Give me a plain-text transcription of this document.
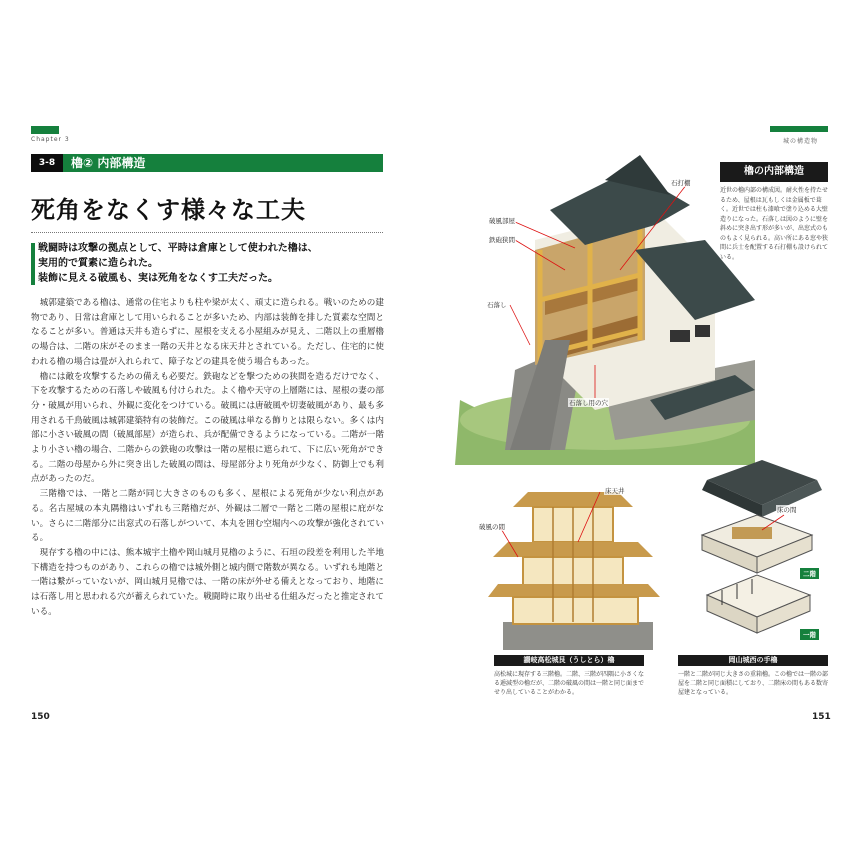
Chapter 3
3-8	櫓② 内部構造
死角をなくす様々な工夫
戦闘時は攻撃の拠点として、平時は倉庫として使われた櫓は、
実用的で質素に造られた。
装飾に見える破風も、実は死角をなくす工夫だった。

城郭建築である櫓は、通常の住宅よりも柱や梁が太く、頑丈に造られる。戦いのための建物であり、日常は倉庫として用いられることが多いため、内部は装飾を排した質素な空間となることが多い。普通は天井も造らずに、屋根を支える小屋組みが見え、二階以上の重層櫓の場合は、二階の床がそのまま一階の天井となる床天井とされている。ただし、住宅的に使われる櫓の場合は畳が入れられて、障子などの建具を使う場合もあった。

櫓には敵を攻撃するための備えも必要だ。鉄砲などを撃つための狭間を造るだけでなく、下を攻撃するための石落しや破風も付けられた。よく櫓や天守の上層階には、屋根の妻の部分・破風が用いられ、外観に変化をつけている。破風には唐破風や切妻破風があり、最も多用される千鳥破風は城郭建築特有の装飾だ。この破風は単なる飾りとは限らない。多くは内部に小さい破風の間（破風部屋）が造られ、兵が配備できるようになっている。二階が一階より小さい櫓の場合、二階からの鉄砲の攻撃は一階の屋根に遮られて、下に広い死角ができる。二階の母屋から外に突き出した破風の間は、母屋部分より死角が少なく、防御上でも利点があったのだ。

三階櫓では、一階と二階が同じ大きさのものも多く、屋根による死角が少ない利点がある。名古屋城の本丸隅櫓はいずれも三階櫓だが、外観は二層で一階と二階の屋根に庇がない。さらに二階部分に出窓式の石落しがついて、本丸を囲む空堀内への攻撃が強化されている。

現存する櫓の中には、熊本城宇土櫓や岡山城月見櫓のように、石垣の段差を利用した半地下構造を持つものがあり、これらの櫓では城外側と城内側で階数が異なる。いずれも地階と一階は繋がっていないが、岡山城月見櫓では、一階の床が外せる備えとなっており、地階には石落し用と思われる穴が蓄えられていた。戦闘時に取り出せる仕組みだったと推定されている。

150
城の構造物
石打棚
破風部屋
鉄砲狭間
石落し
石落し用の穴
櫓の内部構造
近世の櫓内部の構成図。耐火性を持たせるため、屋根は瓦もしくは金属板で葺く。近世では柱も漆喰で塗り込める大壁造りになった。石落しは図のように壁を斜めに突き出す形が多いが、出窓式のものもよく見られる。高い所にある窓や狭間に兵士を配置する石打棚も設けられている。
床天井
破風の間
床の間
二階
一階
讃岐高松城艮（うしとら）櫓
高松城に現存する三階櫓。二階、三階が四隅に小さくなる逓減型の櫓だが、二階の破風の間は一階と同じ面までせり出していることがわかる。
岡山城西の手櫓
一階と二階が同じ大きさの重箱櫓。この櫓では一階の部屋を二階と同じ面積にしており、二階床の間もある数寄屋建となっている。
151
